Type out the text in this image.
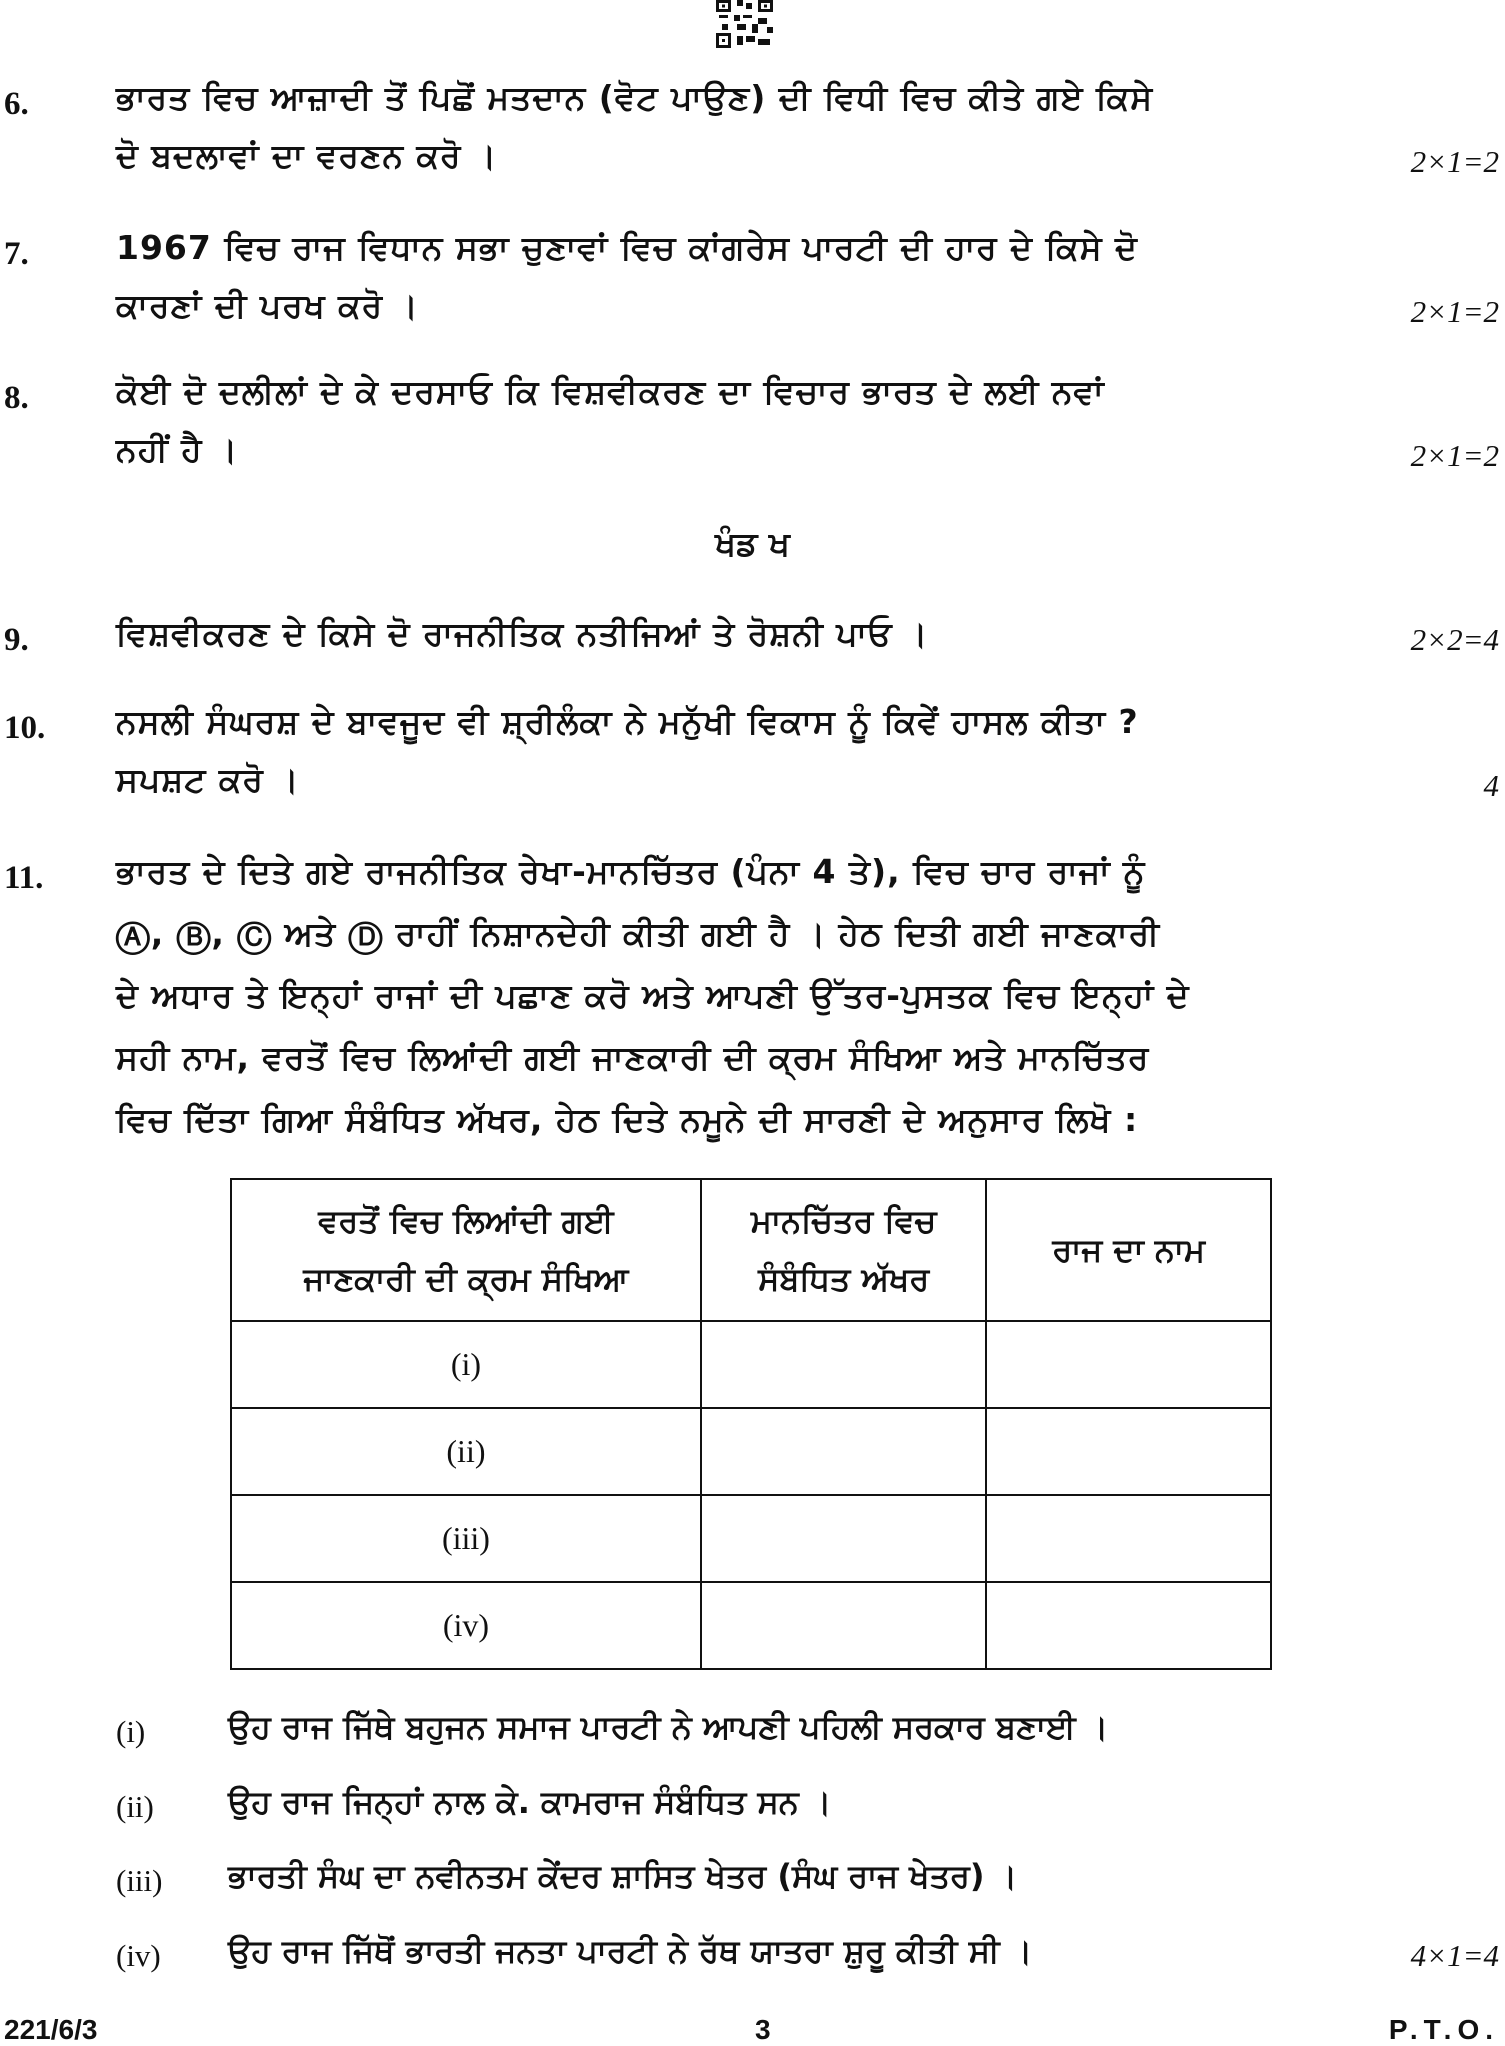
6.	ਭਾਰਤ ਵਿਚ ਆਜ਼ਾਦੀ ਤੋਂ ਪਿਛੋਂ ਮਤਦਾਨ (ਵੋਟ ਪਾਉਣ) ਦੀ ਵਿਧੀ ਵਿਚ ਕੀਤੇ ਗਏ ਕਿਸੇ
ਦੋ ਬਦਲਾਵਾਂ ਦਾ ਵਰਣਨ ਕਰੋ ।	2×1=2
7.	1967 ਵਿਚ ਰਾਜ ਵਿਧਾਨ ਸਭਾ ਚੁਣਾਵਾਂ ਵਿਚ ਕਾਂਗਰੇਸ ਪਾਰਟੀ ਦੀ ਹਾਰ ਦੇ ਕਿਸੇ ਦੋ
ਕਾਰਣਾਂ ਦੀ ਪਰਖ ਕਰੋ ।	2×1=2
8.	ਕੋਈ ਦੋ ਦਲੀਲਾਂ ਦੇ ਕੇ ਦਰਸਾਓ ਕਿ ਵਿਸ਼ਵੀਕਰਣ ਦਾ ਵਿਚਾਰ ਭਾਰਤ ਦੇ ਲਈ ਨਵਾਂ
ਨਹੀਂ ਹੈ ।	2×1=2
ਖੰਡ ਖ
9.	ਵਿਸ਼ਵੀਕਰਣ ਦੇ ਕਿਸੇ ਦੋ ਰਾਜਨੀਤਿਕ ਨਤੀਜਿਆਂ ਤੇ ਰੋਸ਼ਨੀ ਪਾਓ ।	2×2=4
10. ਨਸਲੀ ਸੰਘਰਸ਼ ਦੇ ਬਾਵਜੂਦ ਵੀ ਸ਼੍ਰੀਲੰਕਾ ਨੇ ਮਨੁੱਖੀ ਵਿਕਾਸ ਨੂੰ ਕਿਵੇਂ ਹਾਸਲ ਕੀਤਾ ?
ਸਪਸ਼ਟ ਕਰੋ ।	4
11. ਭਾਰਤ ਦੇ ਦਿਤੇ ਗਏ ਰਾਜਨੀਤਿਕ ਰੇਖਾ-ਮਾਨਚਿੱਤਰ (ਪੰਨਾ 4 ਤੇ), ਵਿਚ ਚਾਰ ਰਾਜਾਂ ਨੂੰ
Ⓐ, Ⓑ, Ⓒ ਅਤੇ Ⓓ ਰਾਹੀਂ ਨਿਸ਼ਾਨਦੇਹੀ ਕੀਤੀ ਗਈ ਹੈ । ਹੇਠ ਦਿਤੀ ਗਈ ਜਾਣਕਾਰੀ
ਦੇ ਅਧਾਰ ਤੇ ਇਨ੍ਹਾਂ ਰਾਜਾਂ ਦੀ ਪਛਾਣ ਕਰੋ ਅਤੇ ਆਪਣੀ ਉੱਤਰ-ਪੁਸਤਕ ਵਿਚ ਇਨ੍ਹਾਂ ਦੇ
ਸਹੀ ਨਾਮ, ਵਰਤੋਂ ਵਿਚ ਲਿਆਂਦੀ ਗਈ ਜਾਣਕਾਰੀ ਦੀ ਕ੍ਰਮ ਸੰਖਿਆ ਅਤੇ ਮਾਨਚਿੱਤਰ
ਵਿਚ ਦਿੱਤਾ ਗਿਆ ਸੰਬੰਧਿਤ ਅੱਖਰ, ਹੇਠ ਦਿਤੇ ਨਮੂਨੇ ਦੀ ਸਾਰਣੀ ਦੇ ਅਨੁਸਾਰ ਲਿਖੋ :
ਵਰਤੋਂ ਵਿਚ ਲਿਆਂਦੀ ਗਈ ਜਾਣਕਾਰੀ ਦੀ ਕ੍ਰਮ ਸੰਖਿਆ	ਮਾਨਚਿੱਤਰ ਵਿਚ ਸੰਬੰਧਿਤ ਅੱਖਰ	ਰਾਜ ਦਾ ਨਾਮ
(i)		
(ii)		
(iii)		
(iv)		
(i)	ਉਹ ਰਾਜ ਜਿੱਥੇ ਬਹੁਜਨ ਸਮਾਜ ਪਾਰਟੀ ਨੇ ਆਪਣੀ ਪਹਿਲੀ ਸਰਕਾਰ ਬਣਾਈ ।
(ii) ਉਹ ਰਾਜ ਜਿਨ੍ਹਾਂ ਨਾਲ ਕੇ. ਕਾਮਰਾਜ ਸੰਬੰਧਿਤ ਸਨ ।
(iii) ਭਾਰਤੀ ਸੰਘ ਦਾ ਨਵੀਨਤਮ ਕੇਂਦਰ ਸ਼ਾਸਿਤ ਖੇਤਰ (ਸੰਘ ਰਾਜ ਖੇਤਰ) ।
(iv) ਉਹ ਰਾਜ ਜਿੱਥੋਂ ਭਾਰਤੀ ਜਨਤਾ ਪਾਰਟੀ ਨੇ ਰੱਥ ਯਾਤਰਾ ਸ਼ੁਰੂ ਕੀਤੀ ਸੀ ।	4×1=4
221/6/3	3	P.T.O.
